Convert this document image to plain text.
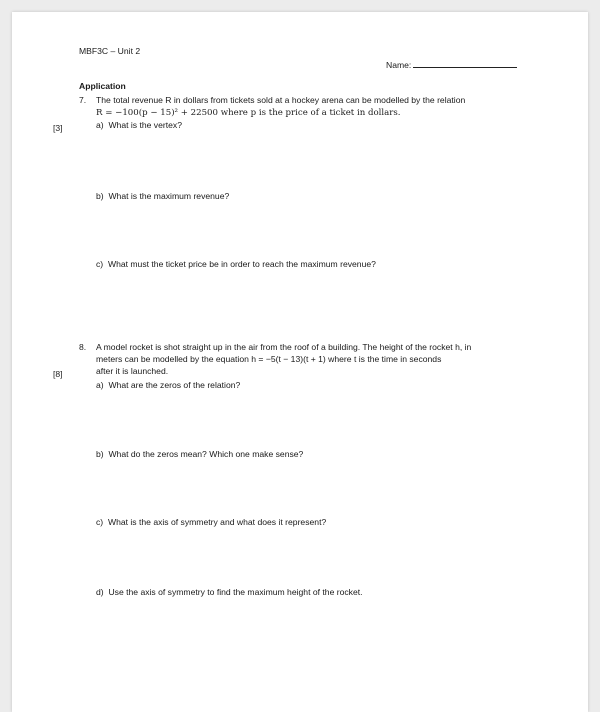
MBF3C – Unit 2
Name:
Application
7. The total revenue R in dollars from tickets sold at a hockey arena can be modelled by the relation
R = −100(p − 15)² + 22500 where p is the price of a ticket in dollars.
[3]	a) What is the vertex?
b) What is the maximum revenue?
c) What must the ticket price be in order to reach the maximum revenue?
8. A model rocket is shot straight up in the air from the roof of a building. The height of the rocket h, in
meters can be modelled by the equation h = −5(t − 13)(t + 1) where t is the time in seconds
after it is launched.
[8]
a) What are the zeros of the relation?
b) What do the zeros mean? Which one make sense?
c) What is the axis of symmetry and what does it represent?
d) Use the axis of symmetry to find the maximum height of the rocket.
